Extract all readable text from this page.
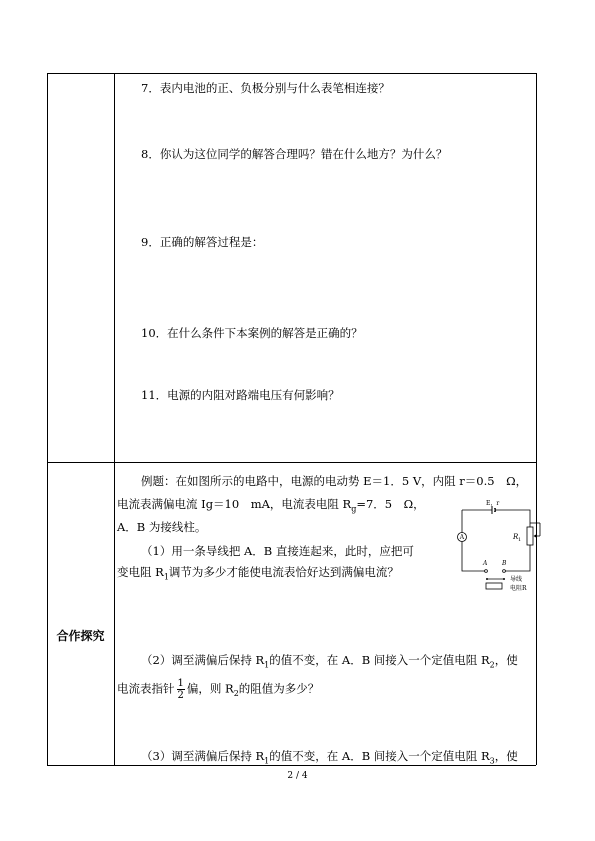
7．表内电池的正、负极分别与什么表笔相连接？
8．你认为这位同学的解答合理吗？错在什么地方？为什么？
9．正确的解答过程是：
10．在什么条件下本案例的解答是正确的？
11．电源的内阻对路端电压有何影响？
合作探究
例题：在如图所示的电路中，电源的电动势 E＝1．5 V，内阻 r＝0.5　Ω，
电流表满偏电流 Ig＝10　mA，电流表电阻 $R_g=7$．5　Ω，
A．B 为接线柱。
（1）用一条导线把 A．B 直接连起来，此时，应把可
变电阻 $R_1$调节为多少才能使电流表恰好达到满偏电流？
（2）调至满偏后保持 $R_1$的值不变，在 A．B 间接入一个定值电阻 $R_2$，使
电流表指针 $\frac{1}{2}$ 偏，则 $R_2$的阻值为多少？
（3）调至满偏后保持 $R_1$的值不变，在 A．B 间接入一个定值电阻 $R_3$，使
E，r
A	R 1
A B
导线
电阻R
2 / 4
